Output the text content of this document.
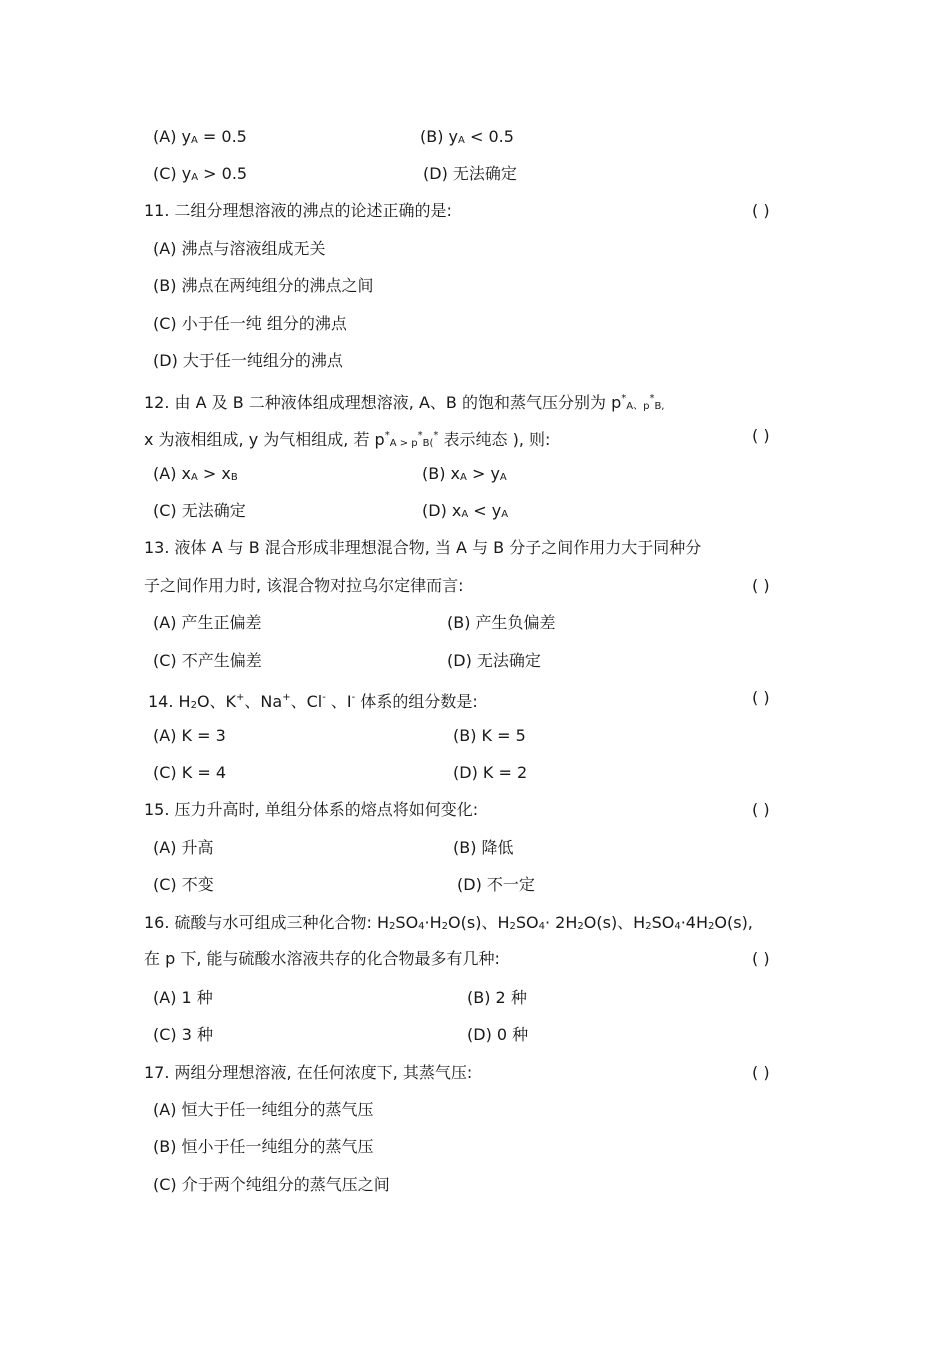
(A) $y_A = 0.5$	(B) $y_A < 0.5$
(C) $y_A > 0.5$	(D) 无法确定
11. 二组分理想溶液的沸点的论述正确的是:	( )
(A) 沸点与溶液组成无关
(B) 沸点在两纯组分的沸点之间
(C) 小于任一纯 组分的沸点
(D) 大于任一纯组分的沸点
12. 由 A 及 B 二种液体组成理想溶液, A、B 的饱和蒸气压分别为 $p^*_{A、p}^*_{B,}$
x 为液相组成, y 为气相组成, 若 $p^*_{A > p}^*_{B(}^*$ 表示纯态 ), 则:	( )
(A) $x_A > x_B$	(B) $x_A > y_A$
(C) 无法确定	(D) $x_A < y_A$
13. 液体 A 与 B 混合形成非理想混合物, 当 A 与 B 分子之间作用力大于同种分
子之间作用力时, 该混合物对拉乌尔定律而言:	( )
(A) 产生正偏差	(B) 产生负偏差
(C) 不产生偏差	(D) 无法确定
14. $H_2O$、K+、Na+、Cl- 、I- 体系的组分数是:	( )
(A) K = 3	(B) K = 5
(C) K = 4	(D) K = 2
15. 压力升高时, 单组分体系的熔点将如何变化:	( )
(A) 升高	(B) 降低
(C) 不变	(D) 不一定
16. 硫酸与水可组成三种化合物: $H_2SO_4\cdot H_2O(s)$、$H_2SO_4\cdot 2H_2O(s)$、$H_2SO_4\cdot 4H_2O(s)$,
在 p 下, 能与硫酸水溶液共存的化合物最多有几种:	( )
(A) 1 种	(B) 2 种
(C) 3 种	(D) 0 种
17. 两组分理想溶液, 在任何浓度下, 其蒸气压:	( )
(A) 恒大于任一纯组分的蒸气压
(B) 恒小于任一纯组分的蒸气压
(C) 介于两个纯组分的蒸气压之间
